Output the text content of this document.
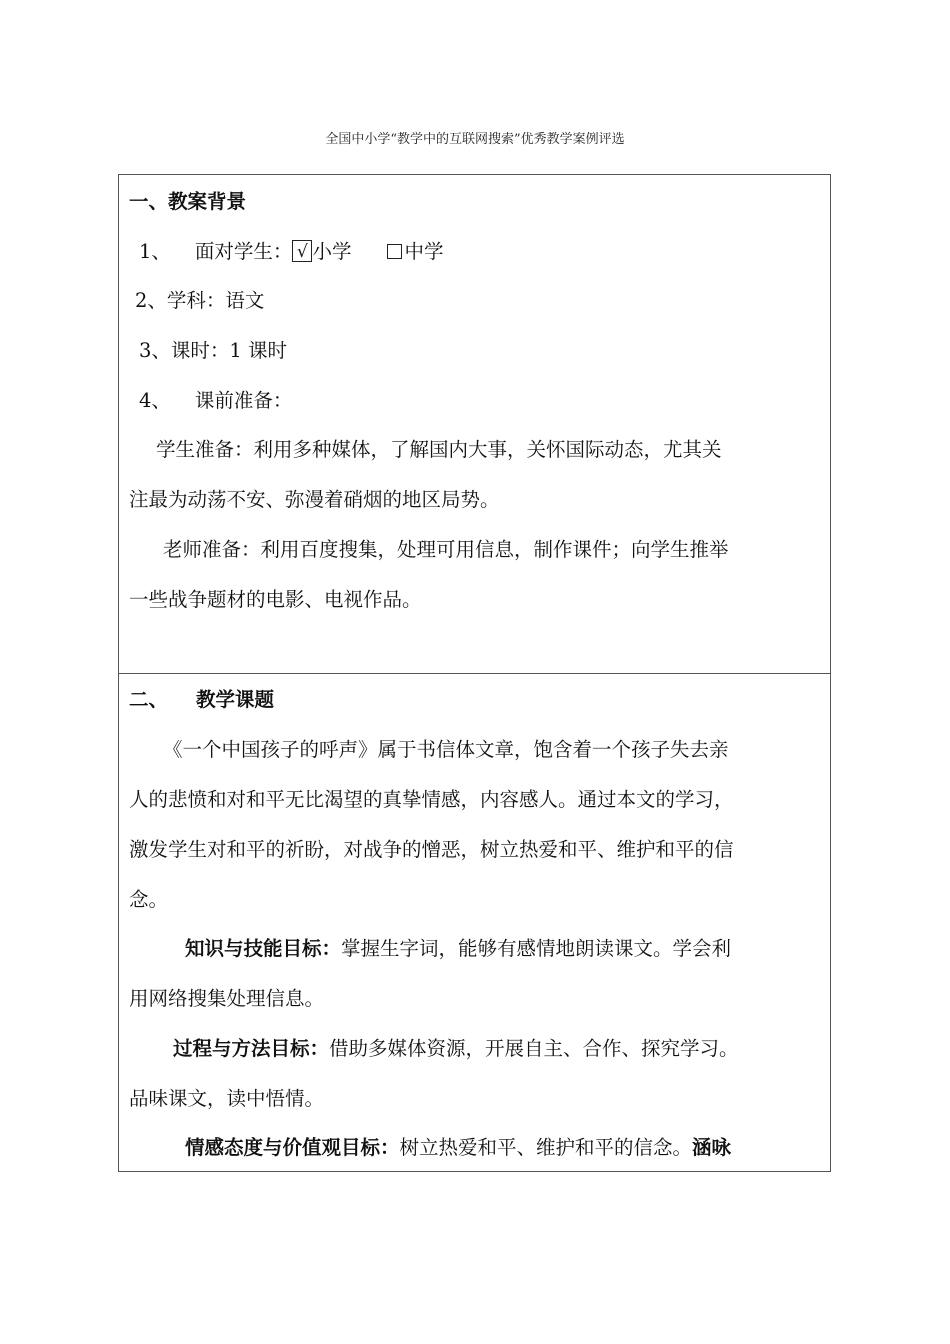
全国中小学“教学中的互联网搜索”优秀教学案例评选
一、教案背景
1、 面对学生： √ 小学	中学
2、学科：语文
3、课时：1 课时
4、 课前准备：
学生准备：利用多种媒体，了解国内大事，关怀国际动态，尤其关
注最为动荡不安、弥漫着硝烟的地区局势。
老师准备：利用百度搜集，处理可用信息，制作课件；向学生推举
一些战争题材的电影、电视作品。
二、 教学课题
《一个中国孩子的呼声》属于书信体文章，饱含着一个孩子失去亲
人的悲愤和对和平无比渴望的真挚情感，内容感人。通过本文的学习，
激发学生对和平的祈盼，对战争的憎恶，树立热爱和平、维护和平的信
念。
知识与技能目标：掌握生字词，能够有感情地朗读课文。学会利
用网络搜集处理信息。
过程与方法目标：借助多媒体资源，开展自主、合作、探究学习。
品味课文，读中悟情。
情感态度与价值观目标：树立热爱和平、维护和平的信念。涵咏
